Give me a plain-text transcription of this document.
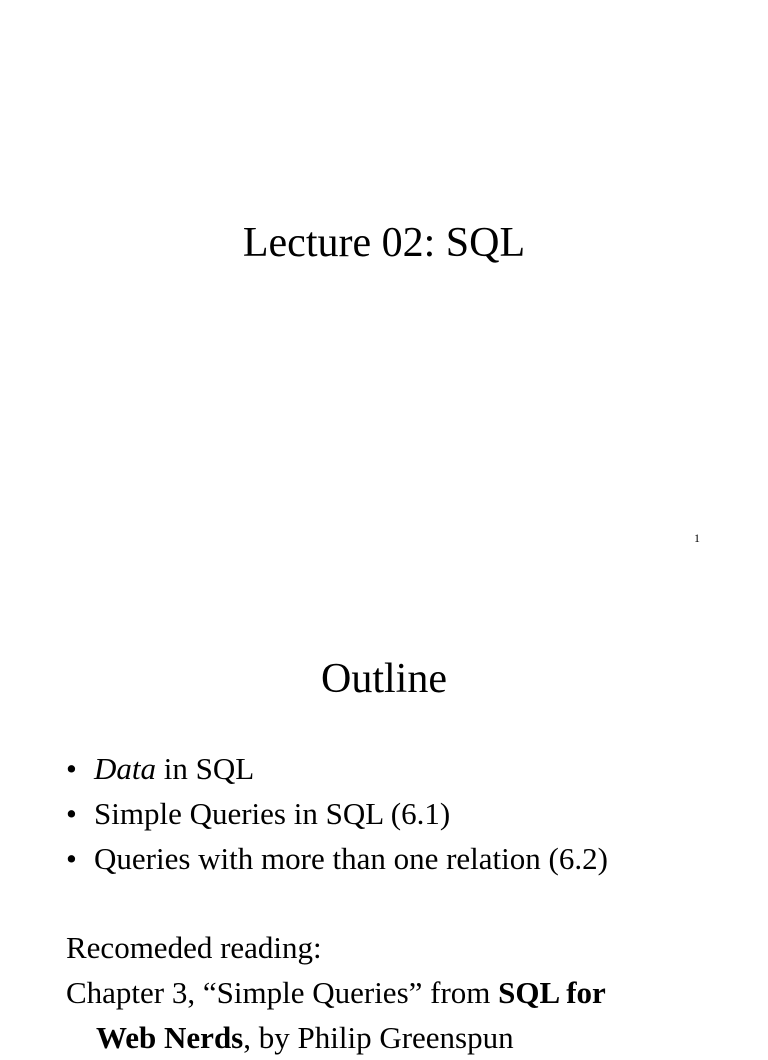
Lecture 02: SQL
1
Outline
• Data in SQL
• Simple Queries in SQL (6.1)
• Queries with more than one relation (6.2)
Recomeded reading:
Chapter 3, “Simple Queries” from SQL for
Web Nerds, by Philip Greenspun
